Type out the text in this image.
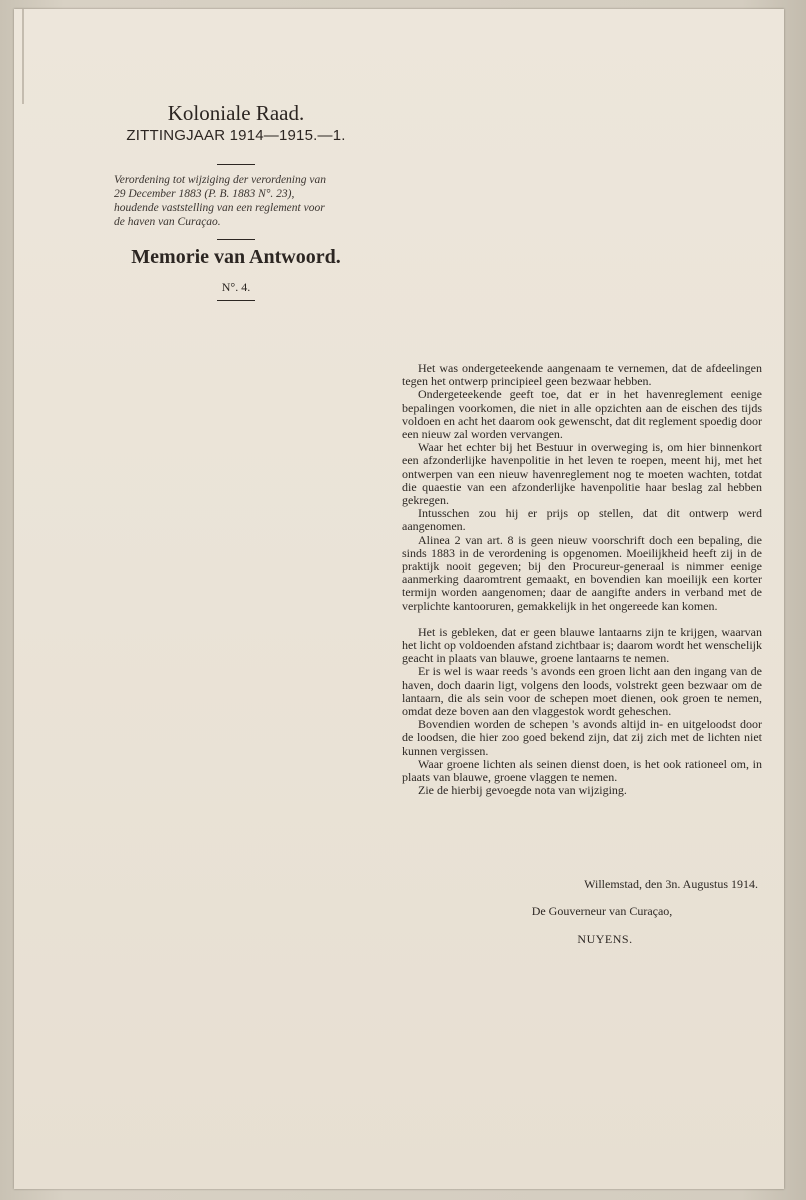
Koloniale Raad.

ZITTINGJAAR 1914—1915.—1.

Verordening tot wijziging der verordening van

29 December 1883 (P. B. 1883 N°. 23),

houdende vaststelling van een reglement voor

de haven van Curaçao.

Memorie van Antwoord.

N°. 4.

Het was ondergeteekende aangenaam te vernemen, dat de afdeelingen tegen het ontwerp principieel geen bezwaar hebben.

Ondergeteekende geeft toe, dat er in het havenreglement eenige bepalingen voorkomen, die niet in alle opzichten aan de eischen des tijds voldoen en acht het daarom ook gewenscht, dat dit reglement spoedig door een nieuw zal worden vervangen.

Waar het echter bij het Bestuur in overweging is, om hier binnenkort een afzonderlijke havenpolitie in het leven te roepen, meent hij, met het ontwerpen van een nieuw havenreglement nog te moeten wachten, totdat die quaestie van een afzonderlijke havenpolitie haar beslag zal hebben gekregen.

Intusschen zou hij er prijs op stellen, dat dit ontwerp werd aangenomen.

Alinea 2 van art. 8 is geen nieuw voorschrift doch een bepaling, die sinds 1883 in de verordening is opgenomen. Moeilijkheid heeft zij in de praktijk nooit gegeven; bij den Procureur-generaal is nimmer eenige aanmerking daaromtrent gemaakt, en bovendien kan moeilijk een korter termijn worden aangenomen; daar de aangifte anders in verband met de verplichte kantooruren, gemakkelijk in het ongereede kan komen.

Het is gebleken, dat er geen blauwe lantaarns zijn te krijgen, waarvan het licht op voldoenden afstand zichtbaar is; daarom wordt het wenschelijk geacht in plaats van blauwe, groene lantaarns te nemen.

Er is wel is waar reeds 's avonds een groen licht aan den ingang van de haven, doch daarin ligt, volgens den loods, volstrekt geen bezwaar om de lantaarn, die als sein voor de schepen moet dienen, ook groen te nemen, omdat deze boven aan den vlaggestok wordt geheschen.

Bovendien worden de schepen 's avonds altijd in- en uitgeloodst door de loodsen, die hier zoo goed bekend zijn, dat zij zich met de lichten niet kunnen vergissen.

Waar groene lichten als seinen dienst doen, is het ook rationeel om, in plaats van blauwe, groene vlaggen te nemen.

Zie de hierbij gevoegde nota van wijziging.

Willemstad, den 3n. Augustus 1914.

De Gouverneur van Curaçao,

NUYENS.
